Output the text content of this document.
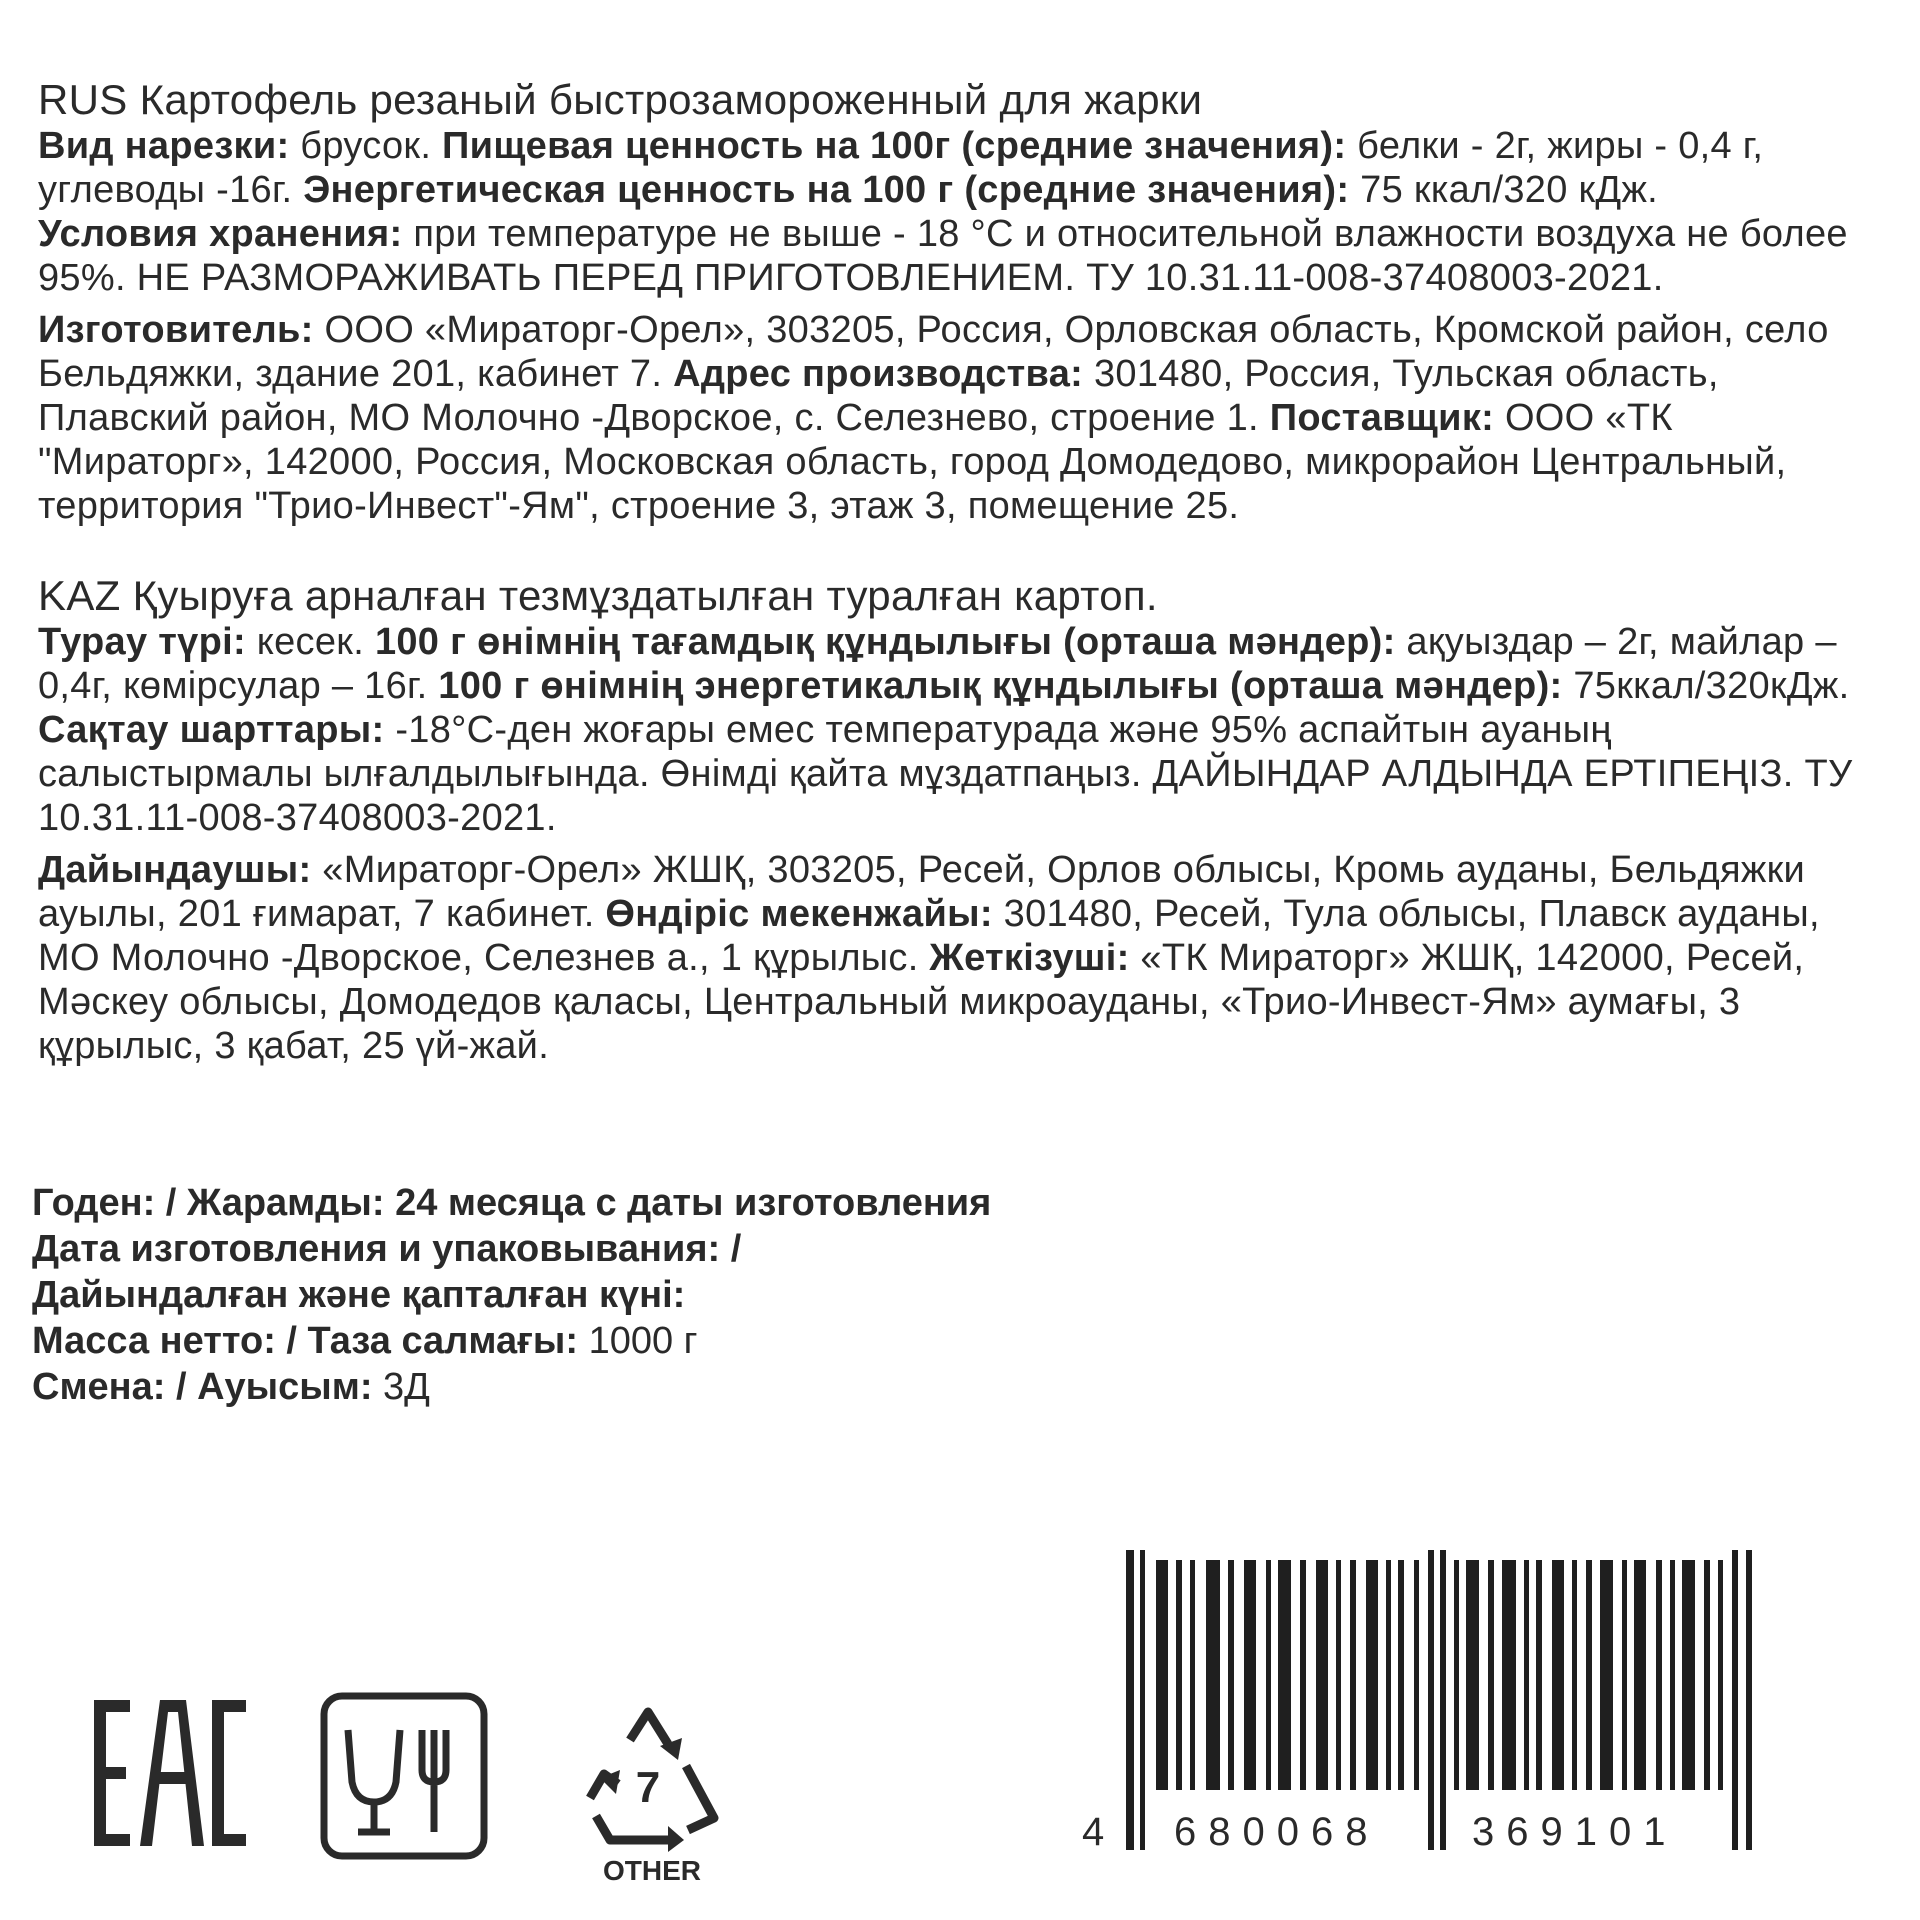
RUS Картофель резаный быстрозамороженный для жарки

Вид нарезки: брусок. Пищевая ценность на 100г (средние значения): белки - 2г, жиры - 0,4 г, углеводы -16г. Энергетическая ценность на 100 г (средние значения): 75 ккал/320 кДж.

Условия хранения: при температуре не выше - 18 °С и относительной влажности воздуха не более 95%. НЕ РАЗМОРАЖИВАТЬ ПЕРЕД ПРИГОТОВЛЕНИЕМ. ТУ 10.31.11-008-37408003-2021.

Изготовитель: ООО «Мираторг-Орел», 303205, Россия, Орловская область, Кромской район, село Бельдяжки, здание 201, кабинет 7. Адрес производства: 301480, Россия, Тульская область, Плавский район, МО Молочно -Дворское, с. Селезнево, строение 1. Поставщик: ООО «ТК "Мираторг», 142000, Россия, Московская область, город Домодедово, микрорайон Центральный, территория "Трио-Инвест"-Ям", строение 3, этаж 3, помещение 25.

KAZ Қуыруға арналған тезмұздатылған туралған картоп.

Турау түрі: кесек. 100 г өнімнің тағамдық құндылығы (орташа мәндер): ақуыздар – 2г, майлар – 0,4г, көмірсулар – 16г. 100 г өнімнің энергетикалық құндылығы (орташа мәндер): 75ккал/320кДж. Сақтау шарттары: -18°С-ден жоғары емес температурада және 95% аспайтын ауаның салыстырмалы ылғалдылығында. Өнімді қайта мұздатпаңыз. ДАЙЫНДАР АЛДЫНДА ЕРТІПЕҢІЗ. ТУ 10.31.11-008-37408003-2021.

Дайындаушы: «Мираторг-Орел» ЖШҚ, 303205, Ресей, Орлов облысы, Кромь ауданы, Бельдяжки ауылы, 201 ғимарат, 7 кабинет. Өндіріс мекенжайы: 301480, Ресей, Тула облысы, Плавск ауданы, МО Молочно -Дворское, Селезнев а., 1 құрылыс. Жеткізуші: «ТК Мираторг» ЖШҚ, 142000, Ресей, Мәскеу облысы, Домодедов қаласы, Центральный микроауданы, «Трио-Инвест-Ям» аумағы, 3 құрылыс, 3 қабат, 25 үй-жай.

Годен: / Жарамды: 24 месяца с даты изготовления
Дата изготовления и упаковывания: /
Дайындалған және қапталған күні:
Масса нетто: / Таза салмағы: 1000 г
Смена: / Ауысым: 3Д
7
OTHER
4 680068 369101
